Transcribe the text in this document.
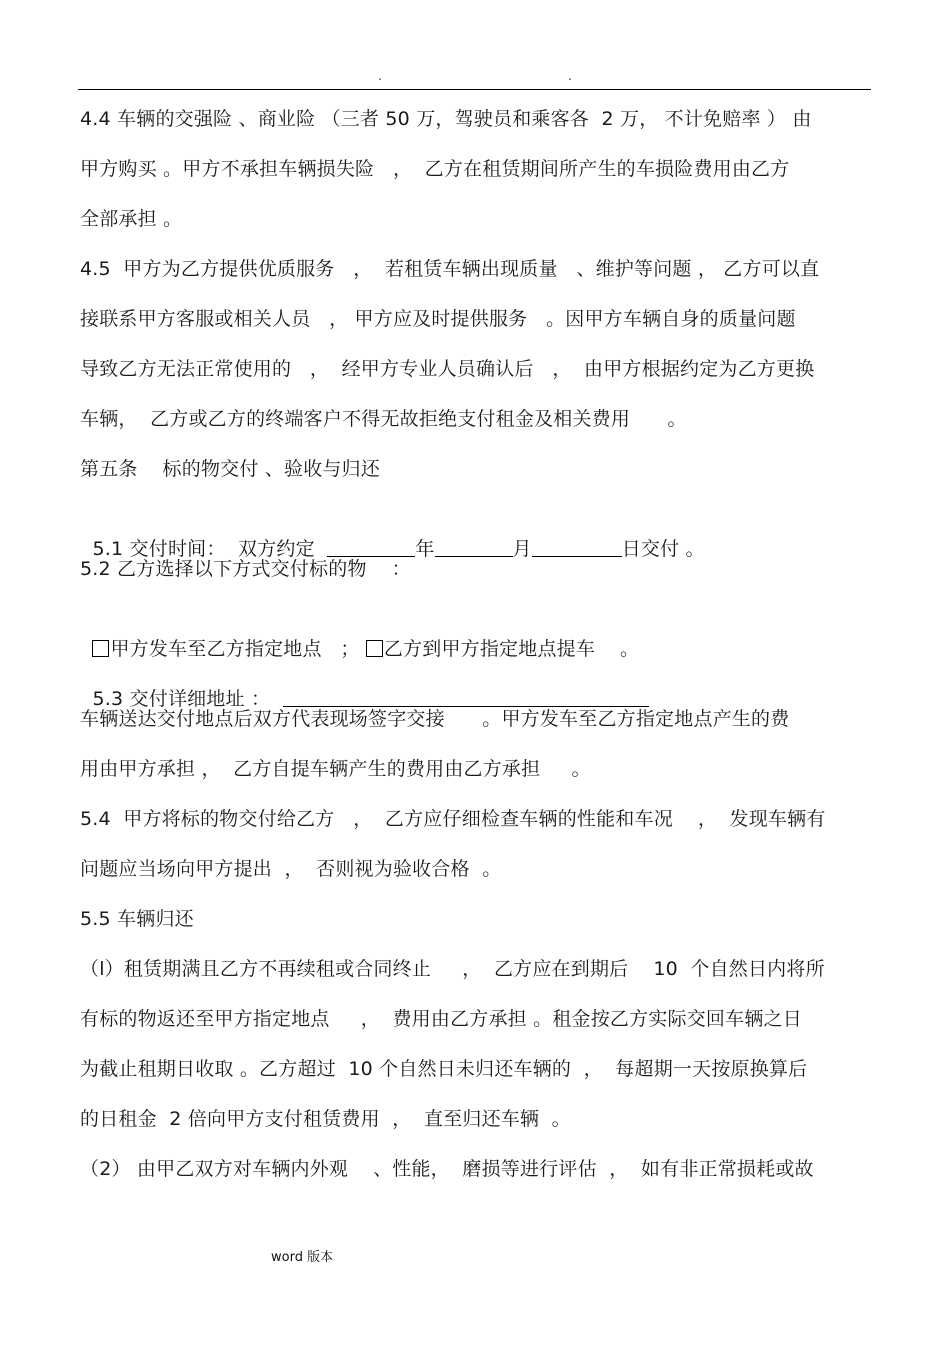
.	.
4.4 车辆的交强险 、商业险 （三者 50 万，驾驶员和乘客各  2 万， 不计免赔率 ） 由
甲方购买 。甲方不承担车辆损失险   ，  乙方在租赁期间所产生的车损险费用由乙方
全部承担 。
4.5  甲方为乙方提供优质服务   ，  若租赁车辆出现质量   、维护等问题 ， 乙方可以直
接联系甲方客服或相关人员   ， 甲方应及时提供服务   。因甲方车辆自身的质量问题
导致乙方无法正常使用的   ，  经甲方专业人员确认后   ，  由甲方根据约定为乙方更换
车辆，  乙方或乙方的终端客户不得无故拒绝支付租金及相关费用      。
第五条    标的物交付 、验收与归还

5.1 交付时间：  双方约定	年	月	日交付 。

5.2 乙方选择以下方式交付标的物    ：

甲方发车至乙方指定地点   ； 乙方到甲方指定地点提车    。

5.3 交付详细地址 ：

车辆送达交付地点后双方代表现场签字交接      。甲方发车至乙方指定地点产生的费
用由甲方承担 ，  乙方自提车辆产生的费用由乙方承担     。
5.4  甲方将标的物交付给乙方   ，  乙方应仔细检查车辆的性能和车况    ，  发现车辆有
问题应当场向甲方提出  ，  否则视为验收合格  。
5.5 车辆归还
（l）租赁期满且乙方不再续租或合同终止     ，  乙方应在到期后    10  个自然日内将所
有标的物返还至甲方指定地点     ，  费用由乙方承担 。租金按乙方实际交回车辆之日
为截止租期日收取 。乙方超过  10 个自然日未归还车辆的  ，  每超期一天按原换算后
的日租金  2 倍向甲方支付租赁费用  ，  直至归还车辆  。
（2） 由甲乙双方对车辆内外观    、性能，  磨损等进行评估  ，  如有非正常损耗或故
word 版本
